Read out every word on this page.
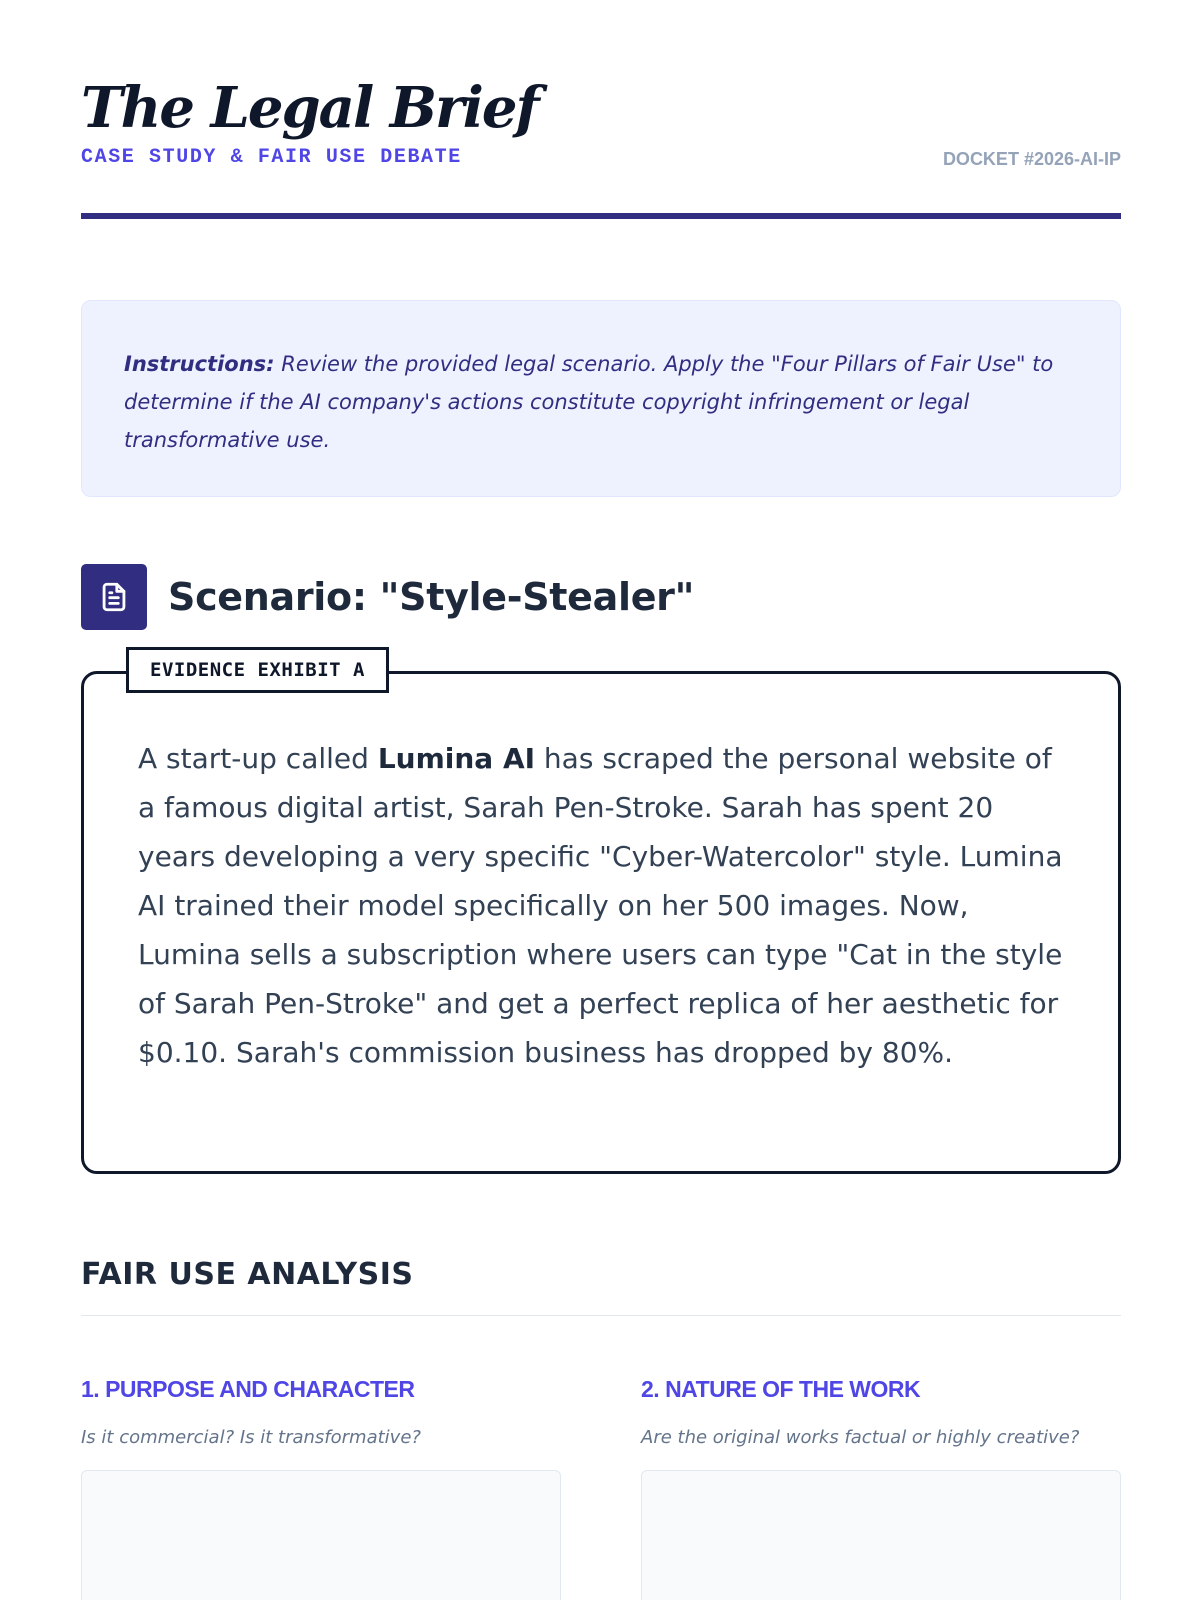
The Legal Brief
CASE STUDY & FAIR USE DEBATE	DOCKET #2026-AI-IP
Instructions: Review the provided legal scenario. Apply the "Four Pillars of Fair Use" to determine if the AI company's actions constitute copyright infringement or legal transformative use.
Scenario: "Style-Stealer"
EVIDENCE EXHIBIT A

A start-up called Lumina AI has scraped the personal website of a famous digital artist, Sarah Pen-Stroke. Sarah has spent 20 years developing a very specific "Cyber-Watercolor" style. Lumina AI trained their model specifically on her 500 images. Now, Lumina sells a subscription where users can type "Cat in the style of Sarah Pen-Stroke" and get a perfect replica of her aesthetic for $0.10. Sarah's commission business has dropped by 80%.

FAIR USE ANALYSIS
1. PURPOSE AND CHARACTER
Is it commercial? Is it transformative?
2. NATURE OF THE WORK
Are the original works factual or highly creative?
